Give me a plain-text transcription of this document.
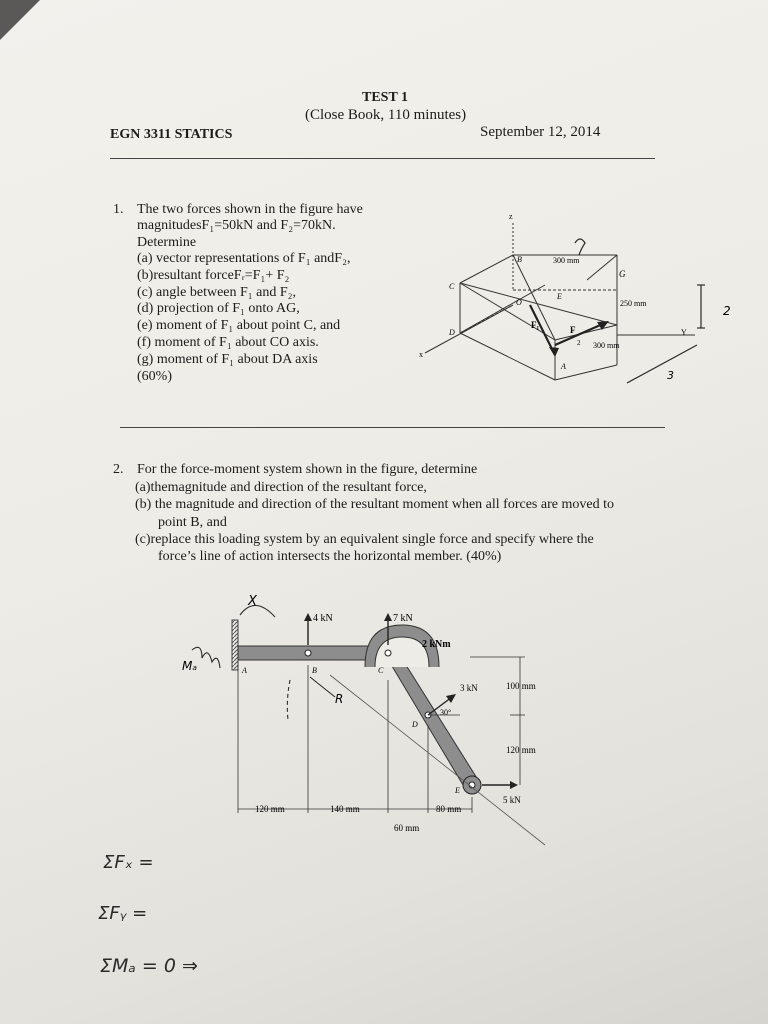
TEST 1
(Close Book, 110 minutes)
EGN 3311 STATICS	September 12, 2014
1. The two forces shown in the figure have
magnitudesF₁=50kN and F₂=70kN.
Determine
(a) vector representations of F₁ andF₂,
(b)resultant forceFᵣ=F₁+ F₂
(c) angle between F₁ and F₂,
(d) projection of F₁ onto AG,
(e) moment of F₁ about point C, and
(f) moment of F₁ about CO axis.
(g) moment of F₁ about DA axis
(60%)
z
x
Y
B
C
D
O
E
A
G
F₁	F
2
300 mm
250 mm
300 mm
2
3
2. For the force-moment system shown in the figure, determine
(a)themagnitude and direction of the resultant force,
(b) the magnitude and direction of the resultant moment when all forces are moved to
point B, and
(c)replace this loading system by an equivalent single force and specify where the
force’s line of action intersects the horizontal member. (40%)
4 kN	7 kN
2 kNm
3 kN
30°
5 kN
A	B	C
D
E
120 mm	140 mm
60 mm
80 mm
100 mm
120 mm
X
R
Mₐ
ΣFₓ =
ΣFᵧ =
ΣMₐ = 0 ⇒
